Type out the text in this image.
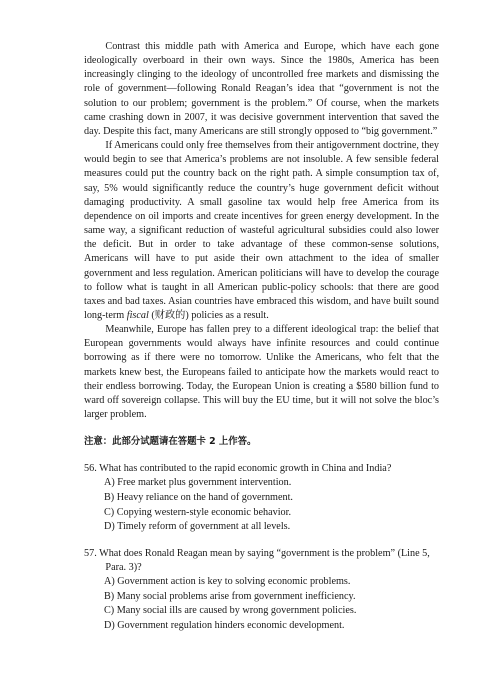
Contrast this middle path with America and Europe, which have each gone ideologically overboard in their own ways. Since the 1980s, America has been increasingly clinging to the ideology of uncontrolled free markets and dismissing the role of government—following Ronald Reagan’s idea that “government is not the solution to our problem; government is the problem.” Of course, when the markets came crashing down in 2007, it was decisive government intervention that saved the day. Despite this fact, many Americans are still strongly opposed to “big government.”

If Americans could only free themselves from their antigovernment doctrine, they would begin to see that America’s problems are not insoluble. A few sensible federal measures could put the country back on the right path. A simple consumption tax of, say, 5% would significantly reduce the country’s huge government deficit without damaging productivity. A small gasoline tax would help free America from its dependence on oil imports and create incentives for green energy development. In the same way, a significant reduction of wasteful agricultural subsidies could also lower the deficit. But in order to take advantage of these common-sense solutions, Americans will have to put aside their own attachment to the idea of smaller government and less regulation. American politicians will have to develop the courage to follow what is taught in all American public-policy schools: that there are good taxes and bad taxes. Asian countries have embraced this wisdom, and have built sound long-term fiscal (财政的) policies as a result.

Meanwhile, Europe has fallen prey to a different ideological trap: the belief that European governments would always have infinite resources and could continue borrowing as if there were no tomorrow. Unlike the Americans, who felt that the markets knew best, the Europeans failed to anticipate how the markets would react to their endless borrowing. Today, the European Union is creating a $580 billion fund to ward off sovereign collapse. This will buy the EU time, but it will not solve the bloc’s larger problem.

注意：此部分试题请在答题卡 2 上作答。

56. What has contributed to the rapid economic growth in China and India?

A) Free market plus government intervention.
B) Heavy reliance on the hand of government.
C) Copying western-style economic behavior.
D) Timely reform of government at all levels.

57. What does Ronald Reagan mean by saying “government is the problem” (Line 5, Para. 3)?

A) Government action is key to solving economic problems.
B) Many social problems arise from government inefficiency.
C) Many social ills are caused by wrong government policies.
D) Government regulation hinders economic development.
